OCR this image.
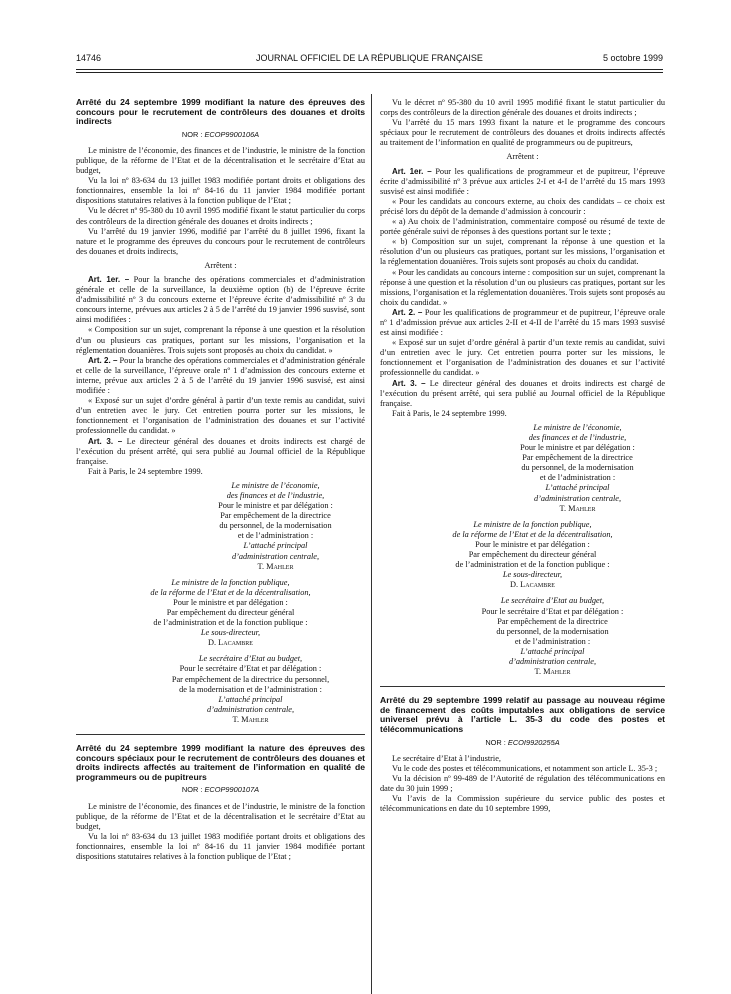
14746	JOURNAL OFFICIEL DE LA RÉPUBLIQUE FRANÇAISE	5 octobre 1999

Arrêté du 24 septembre 1999 modifiant la nature des épreuves des concours pour le recrutement de contrôleurs des douanes et droits indirects

NOR : ECOP9900106A

Le ministre de l’économie, des finances et de l’industrie, le ministre de la fonction publique, de la réforme de l’Etat et de la décentralisation et le secrétaire d’Etat au budget,

Vu la loi nº 83-634 du 13 juillet 1983 modifiée portant droits et obligations des fonctionnaires, ensemble la loi nº 84-16 du 11 janvier 1984 modifiée portant dispositions statutaires relatives à la fonction publique de l’Etat ;

Vu le décret nº 95-380 du 10 avril 1995 modifié fixant le statut particulier du corps des contrôleurs de la direction générale des douanes et droits indirects ;

Vu l’arrêté du 19 janvier 1996, modifié par l’arrêté du 8 juillet 1996, fixant la nature et le programme des épreuves du concours pour le recrutement de contrôleurs des douanes et droits indirects,

Arrêtent :

Art. 1er. – Pour la branche des opérations commerciales et d’administration générale et celle de la surveillance, la deuxième option (b) de l’épreuve écrite d’admissibilité nº 3 du concours externe et l’épreuve écrite d’admissibilité nº 3 du concours interne, prévues aux articles 2 à 5 de l’arrêté du 19 janvier 1996 susvisé, sont ainsi modifiées :

« Composition sur un sujet, comprenant la réponse à une question et la résolution d’un ou plusieurs cas pratiques, portant sur les missions, l’organisation et la réglementation douanières. Trois sujets sont proposés au choix du candidat. »

Art. 2. – Pour la branche des opérations commerciales et d’administration générale et celle de la surveillance, l’épreuve orale nº 1 d’admission des concours externe et interne, prévue aux articles 2 à 5 de l’arrêté du 19 janvier 1996 susvisé, est ainsi modifiée :

« Exposé sur un sujet d’ordre général à partir d’un texte remis au candidat, suivi d’un entretien avec le jury. Cet entretien pourra porter sur les missions, le fonctionnement et l’organisation de l’administration des douanes et sur l’activité professionnelle du candidat. »

Art. 3. – Le directeur général des douanes et droits indirects est chargé de l’exécution du présent arrêté, qui sera publié au Journal officiel de la République française.

Fait à Paris, le 24 septembre 1999.

Le ministre de l’économie,
des finances et de l’industrie,
Pour le ministre et par délégation :
Par empêchement de la directrice
du personnel, de la modernisation
et de l’administration :
L’attaché principal
d’administration centrale,
T. Mahler
Le ministre de la fonction publique,
de la réforme de l’Etat et de la décentralisation,
Pour le ministre et par délégation :
Par empêchement du directeur général
de l’administration et de la fonction publique :
Le sous-directeur,
D. Lacambre
Le secrétaire d’Etat au budget,
Pour le secrétaire d’Etat et par délégation :
Par empêchement de la directrice du personnel,
de la modernisation et de l’administration :
L’attaché principal
d’administration centrale,
T. Mahler

Arrêté du 24 septembre 1999 modifiant la nature des épreuves des concours spéciaux pour le recrutement de contrôleurs des douanes et droits indirects affectés au traitement de l’information en qualité de programmeurs ou de pupitreurs

NOR : ECOP9900107A

Le ministre de l’économie, des finances et de l’industrie, le ministre de la fonction publique, de la réforme de l’Etat et de la décentralisation et le secrétaire d’Etat au budget,

Vu la loi nº 83-634 du 13 juillet 1983 modifiée portant droits et obligations des fonctionnaires, ensemble la loi nº 84-16 du 11 janvier 1984 modifiée portant dispositions statutaires relatives à la fonction publique de l’Etat ;

Vu le décret nº 95-380 du 10 avril 1995 modifié fixant le statut particulier du corps des contrôleurs de la direction générale des douanes et droits indirects ;

Vu l’arrêté du 15 mars 1993 fixant la nature et le programme des concours spéciaux pour le recrutement de contrôleurs des douanes et droits indirects affectés au traitement de l’information en qualité de programmeurs ou de pupitreurs,

Arrêtent :

Art. 1er. – Pour les qualifications de programmeur et de pupitreur, l’épreuve écrite d’admissibilité nº 3 prévue aux articles 2-I et 4-I de l’arrêté du 15 mars 1993 susvisé est ainsi modifiée :

« Pour les candidats au concours externe, au choix des candidats – ce choix est précisé lors du dépôt de la demande d’admission à concourir :

« a) Au choix de l’administration, commentaire composé ou résumé de texte de portée générale suivi de réponses à des questions portant sur le texte ;

« b) Composition sur un sujet, comprenant la réponse à une question et la résolution d’un ou plusieurs cas pratiques, portant sur les missions, l’organisation et la réglementation douanières. Trois sujets sont proposés au choix du candidat.

« Pour les candidats au concours interne : composition sur un sujet, comprenant la réponse à une question et la résolution d’un ou plusieurs cas pratiques, portant sur les missions, l’organisation et la réglementation douanières. Trois sujets sont proposés au choix du candidat. »

Art. 2. – Pour les qualifications de programmeur et de pupitreur, l’épreuve orale nº 1 d’admission prévue aux articles 2-II et 4-II de l’arrêté du 15 mars 1993 susvisé est ainsi modifiée :

« Exposé sur un sujet d’ordre général à partir d’un texte remis au candidat, suivi d’un entretien avec le jury. Cet entretien pourra porter sur les missions, le fonctionnement et l’organisation de l’administration des douanes et sur l’activité professionnelle du candidat. »

Art. 3. – Le directeur général des douanes et droits indirects est chargé de l’exécution du présent arrêté, qui sera publié au Journal officiel de la République française.

Fait à Paris, le 24 septembre 1999.

Le ministre de l’économie,
des finances et de l’industrie,
Pour le ministre et par délégation :
Par empêchement de la directrice
du personnel, de la modernisation
et de l’administration :
L’attaché principal
d’administration centrale,
T. Mahler
Le ministre de la fonction publique,
de la réforme de l’Etat et de la décentralisation,
Pour le ministre et par délégation :
Par empêchement du directeur général
de l’administration et de la fonction publique :
Le sous-directeur,
D. Lacambre
Le secrétaire d’Etat au budget,
Pour le secrétaire d’Etat et par délégation :
Par empêchement de la directrice
du personnel, de la modernisation
et de l’administration :
L’attaché principal
d’administration centrale,
T. Mahler

Arrêté du 29 septembre 1999 relatif au passage au nouveau régime de financement des coûts imputables aux obligations de service universel prévu à l’article L. 35-3 du code des postes et télécommunications

NOR : ECOI9920255A

Le secrétaire d’Etat à l’industrie,

Vu le code des postes et télécommunications, et notamment son article L. 35-3 ;

Vu la décision nº 99-489 de l’Autorité de régulation des télécommunications en date du 30 juin 1999 ;

Vu l’avis de la Commission supérieure du service public des postes et télécommunications en date du 10 septembre 1999,
